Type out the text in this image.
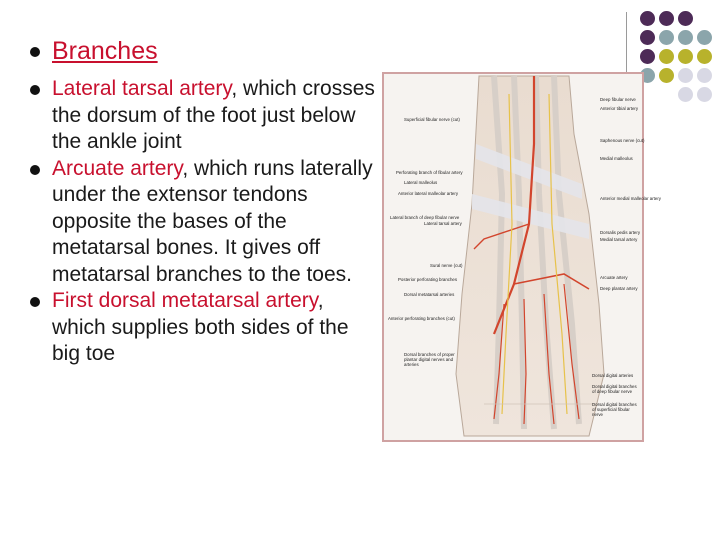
Branches
Lateral tarsal artery, which crosses the dorsum of the foot just below the ankle joint
Arcuate artery, which runs laterally under the extensor tendons opposite the bases of the metatarsal bones. It gives off metatarsal branches to the toes.
First dorsal metatarsal artery, which supplies both sides of the big toe
Superficial fibular nerve (cut)
Perforating branch of fibular artery
Lateral malleolus
Anterior lateral malleolar artery
Lateral branch of deep fibular nerve
Lateral tarsal artery
Sural nerve (cut)
Posterior perforating branches
Dorsal metatarsal arteries
Anterior perforating branches (cut)
Dorsal branches of proper plantar digital nerves and arteries
Deep fibular nerve
Anterior tibial artery
Saphenous nerve (cut)
Medial malleolus
Anterior medial malleolar artery
Dorsalis pedis artery
Medial tarsal artery
Arcuate artery
Deep plantar artery
Dorsal digital arteries
Dorsal digital branches of deep fibular nerve
Dorsal digital branches of superficial fibular nerve
